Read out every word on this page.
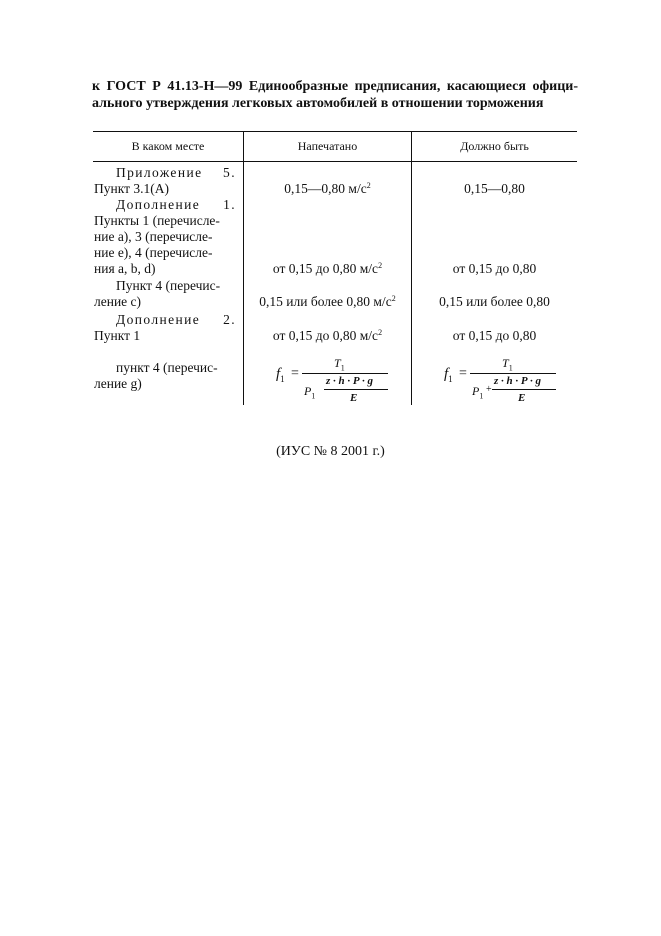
к ГОСТ Р 41.13-Н—99 Единообразные предписания, касающиеся офици-
ального утверждения легковых автомобилей в отношении торможения
В каком месте	Напечатано	Должно быть
Приложение 5.
Пункт 3.1(А)
Дополнение 1.
Пункты 1 (перечисле-
ние а), 3 (перечисле-
ние е), 4 (перечисле-
ния а, b, d)
Пункт 4 (перечис-
ление с)
Дополнение 2.
Пункт 1
пункт 4 (перечис-
ление g)
0,15—0,80 $м/с^2$
от 0,15 до 0,80 $м/с^2$
0,15 или более 0,80 $м/с^2$
от 0,15 до 0,80 $м/с^2$
0,15—0,80
от 0,15 до 0,80
0,15 или более 0,80
от 0,15 до 0,80
$f_1$ =
$T_1$
$P_1$
z · h · P · g
E
$f_1$ =
$T_1$
$P_1$
+
z · h · P · g
E
(ИУС № 8 2001 г.)
